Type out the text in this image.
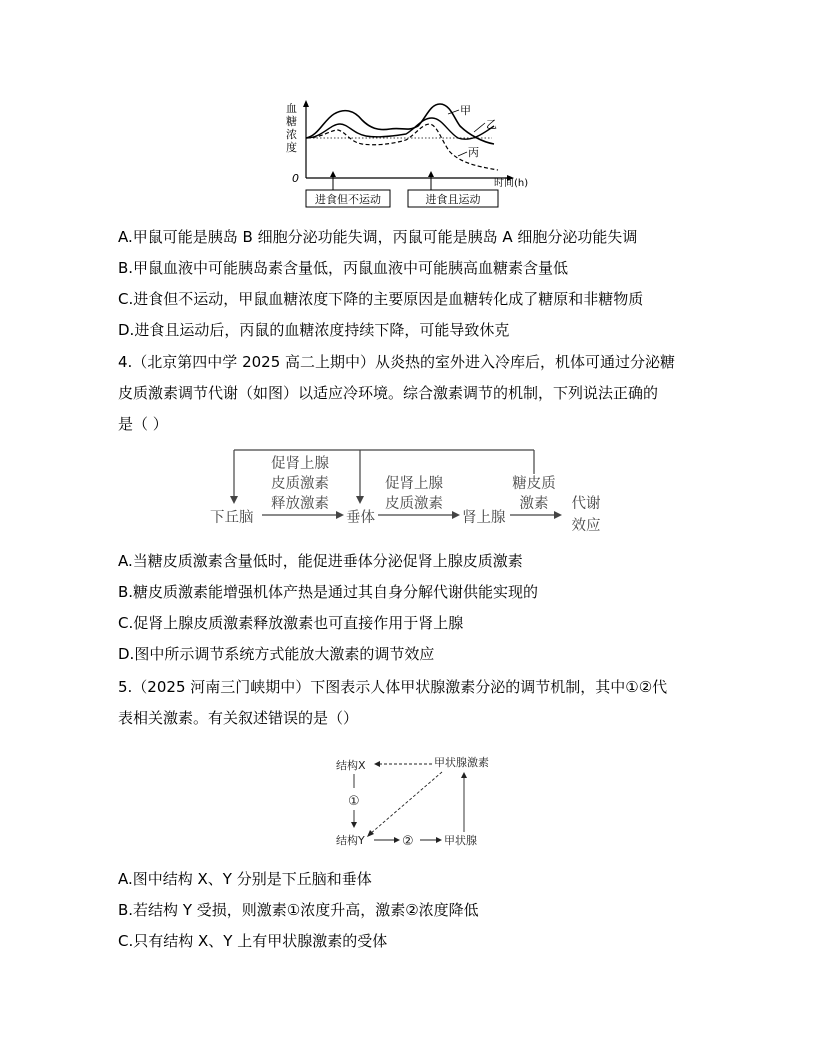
血
糖
浓
度
0	时间(h)
甲
乙
丙
进食但不运动	进食且运动
A.甲鼠可能是胰岛 B 细胞分泌功能失调，丙鼠可能是胰岛 A 细胞分泌功能失调
B.甲鼠血液中可能胰岛素含量低，丙鼠血液中可能胰高血糖素含量低
C.进食但不运动，甲鼠血糖浓度下降的主要原因是血糖转化成了糖原和非糖物质
D.进食且运动后，丙鼠的血糖浓度持续下降，可能导致休克
4.（北京第四中学 2025 高二上期中）从炎热的室外进入冷库后，机体可通过分泌糖
皮质激素调节代谢（如图）以适应冷环境。综合激素调节的机制，下列说法正确的
是（ ）
下丘脑
促肾上腺
皮质激素
释放激素
垂体
促肾上腺
皮质激素
肾上腺
糖皮质
激素 代谢
效应
A.当糖皮质激素含量低时，能促进垂体分泌促肾上腺皮质激素
B.糖皮质激素能增强机体产热是通过其自身分解代谢供能实现的
C.促肾上腺皮质激素释放激素也可直接作用于肾上腺
D.图中所示调节系统方式能放大激素的调节效应
5.（2025 河南三门峡期中）下图表示人体甲状腺激素分泌的调节机制，其中①②代
表相关激素。有关叙述错误的是（）
结构X	甲状腺激素
①
结构Y	②	甲状腺
A.图中结构 X、Y 分别是下丘脑和垂体
B.若结构 Y 受损，则激素①浓度升高，激素②浓度降低
C.只有结构 X、Y 上有甲状腺激素的受体
